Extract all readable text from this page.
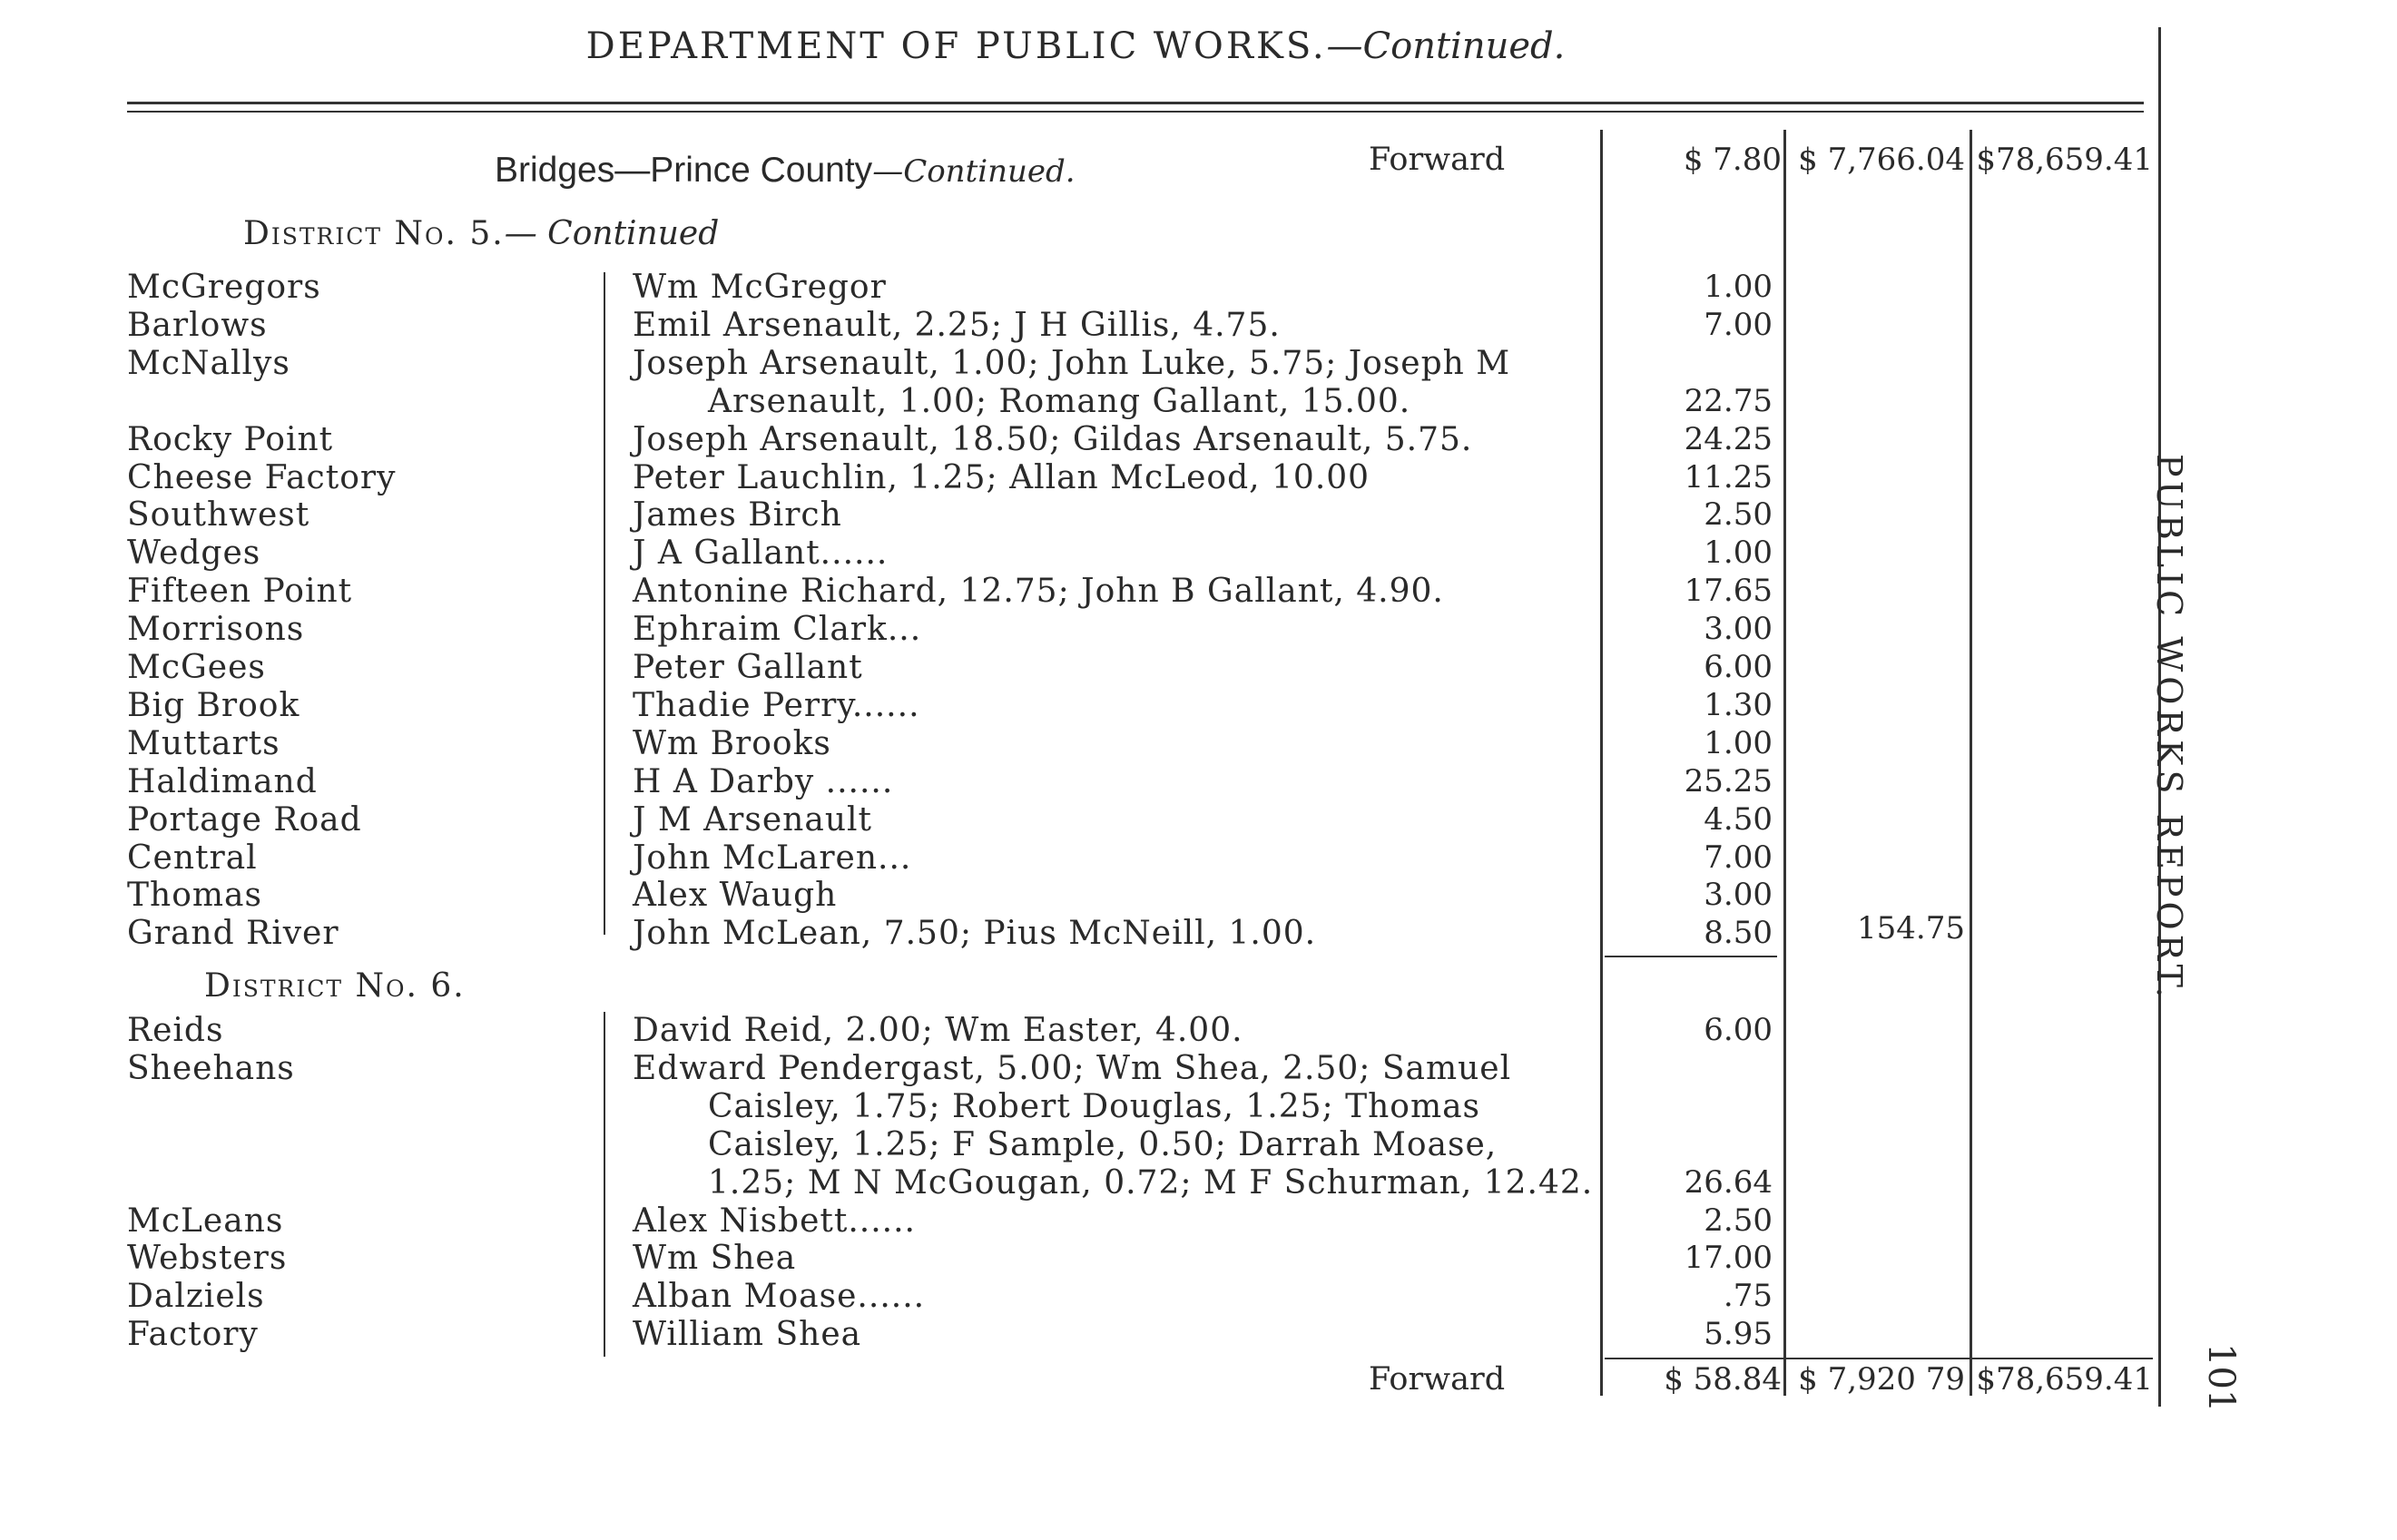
DEPARTMENT OF PUBLIC WORKS.—Continued.
Bridges—Prince County—Continued.	Forward	$ 7.80 $ 7,766.04 $78,659.41
District No. 5.— Continued
McGregors	Wm McGregor	1.00
Barlows	Emil Arsenault, 2.25; J H Gillis, 4.75.	7.00
McNallys	Joseph Arsenault, 1.00; John Luke, 5.75; Joseph M
Arsenault, 1.00; Romang Gallant, 15.00.	22.75
Rocky Point	Joseph Arsenault, 18.50; Gildas Arsenault, 5.75.	24.25
Cheese Factory	Peter Lauchlin, 1.25; Allan McLeod, 10.00	11.25
Southwest	James Birch	2.50
Wedges	J A Gallant......	1.00
Fifteen Point	Antonine Richard, 12.75; John B Gallant, 4.90.	17.65
Morrisons	Ephraim Clark...	3.00
McGees	Peter Gallant	6.00
Big Brook	Thadie Perry......	1.30
Muttarts	Wm Brooks	1.00
Haldimand	H A Darby ......	25.25
Portage Road	J M Arsenault	4.50
Central	John McLaren...	7.00
Thomas	Alex Waugh	3.00
Grand River	John McLean, 7.50; Pius McNeill, 1.00.	8.50	154.75
District No. 6.
Reids	David Reid, 2.00; Wm Easter, 4.00.	6.00
Sheehans	Edward Pendergast, 5.00; Wm Shea, 2.50; Samuel
Caisley, 1.75; Robert Douglas, 1.25; Thomas
Caisley, 1.25; F Sample, 0.50; Darrah Moase,
1.25; M N McGougan, 0.72; M F Schurman, 12.42.	26.64
McLeans	Alex Nisbett......	2.50
Websters	Wm Shea	17.00
Dalziels	Alban Moase......	.75
Factory	William Shea	5.95
Forward	$ 58.84 $ 7,920 79 $78,659.41
PUBLIC WORKS REPORT.
101
